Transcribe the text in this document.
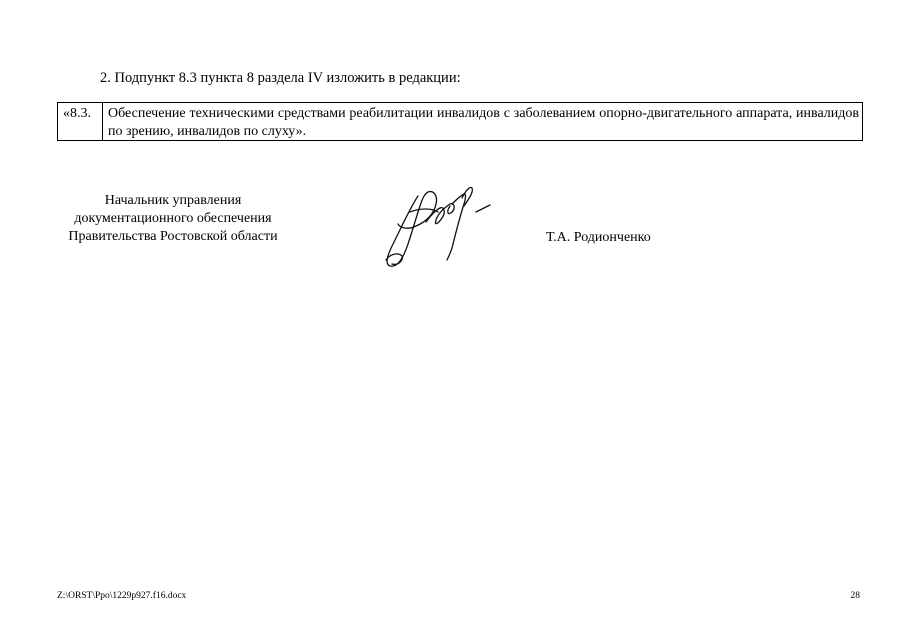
2. Подпункт 8.3 пункта 8 раздела IV изложить в редакции:
«8.3.	Обеспечение техническими средствами реабилитации инвалидов с заболеванием опорно-двигательного аппарата, инвалидов по зрению, инвалидов по слуху».
Начальник управления
документационного обеспечения
Правительства Ростовской области	Т.А. Родионченко
Z:\ORST\Ppo\1229p927.f16.docx	28
